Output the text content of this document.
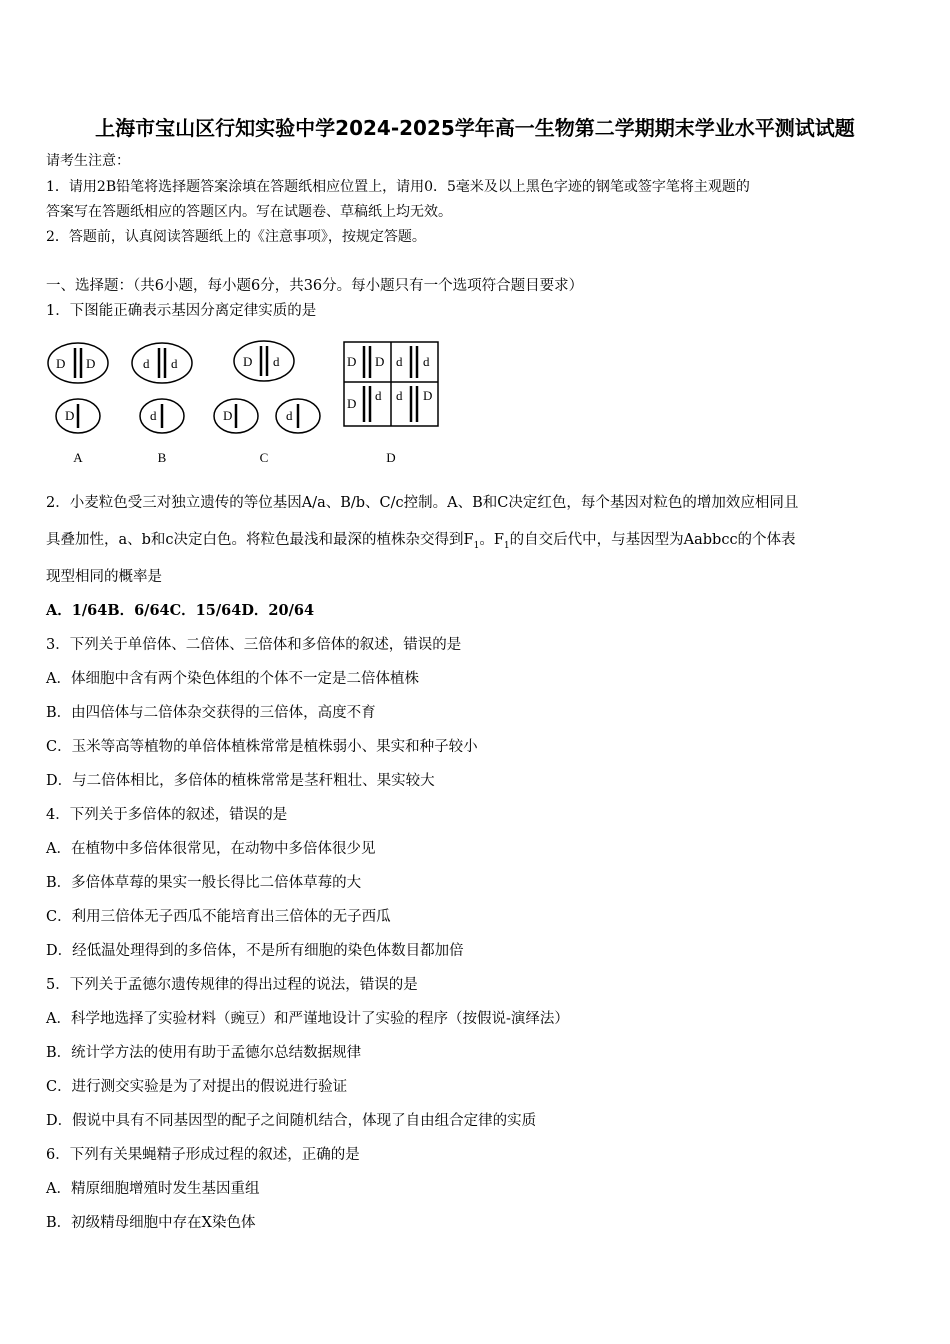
上海市宝山区行知实验中学2024-2025学年高一生物第二学期期末学业水平测试试题
请考生注意：
1．请用2B铅笔将选择题答案涂填在答题纸相应位置上，请用0．5毫米及以上黑色字迹的钢笔或签字笔将主观题的
答案写在答题纸相应的答题区内。写在试题卷、草稿纸上均无效。
2．答题前，认真阅读答题纸上的《注意事项》，按规定答题。
一、选择题：（共6小题，每小题6分，共36分。每小题只有一个选项符合题目要求）
1．下图能正确表示基因分离定律实质的是
D D
D
d d
d
D d
D	d
D D d d
D
d d D
A	B	C	D
2．小麦粒色受三对独立遗传的等位基因A/a、B/b、C/c控制。A、B和C决定红色，每个基因对粒色的增加效应相同且
具叠加性，a、b和c决定白色。将粒色最浅和最深的植株杂交得到$F_1$。$F_1$的自交后代中，与基因型为Aabbcc的个体表
现型相同的概率是
A．1/64B．6/64C．15/64D．20/64
3．下列关于单倍体、二倍体、三倍体和多倍体的叙述，错误的是
A．体细胞中含有两个染色体组的个体不一定是二倍体植株
B．由四倍体与二倍体杂交获得的三倍体，高度不育
C．玉米等高等植物的单倍体植株常常是植株弱小、果实和种子较小
D．与二倍体相比，多倍体的植株常常是茎秆粗壮、果实较大
4．下列关于多倍体的叙述，错误的是
A．在植物中多倍体很常见，在动物中多倍体很少见
B．多倍体草莓的果实一般长得比二倍体草莓的大
C．利用三倍体无子西瓜不能培育出三倍体的无子西瓜
D．经低温处理得到的多倍体，不是所有细胞的染色体数目都加倍
5．下列关于孟德尔遗传规律的得出过程的说法，错误的是
A．科学地选择了实验材料（豌豆）和严谨地设计了实验的程序（按假说-演绎法）
B．统计学方法的使用有助于孟德尔总结数据规律
C．进行测交实验是为了对提出的假说进行验证
D．假说中具有不同基因型的配子之间随机结合，体现了自由组合定律的实质
6．下列有关果蝇精子形成过程的叙述，正确的是
A．精原细胞增殖时发生基因重组
B．初级精母细胞中存在X染色体
